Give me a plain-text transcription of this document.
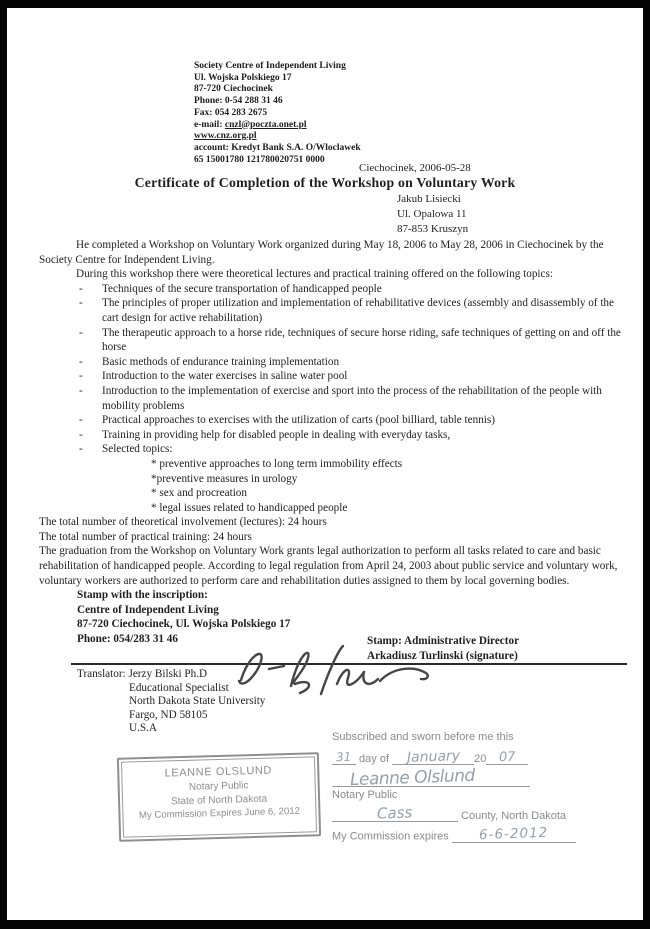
Society Centre of Independent Living
Ul. Wojska Polskiego 17
87-720 Ciechocinek
Phone: 0-54 288 31 46
Fax: 054 283 2675
e-mail: cnzl@poczta.onet.pl
www.cnz.org.pl
account: Kredyt Bank S.A. O/Wloclawek
65 15001780 121780020751 0000
Ciechocinek, 2006-05-28
Certificate of Completion of the Workshop on Voluntary Work
Jakub Lisiecki
Ul. Opalowa 11
87-853 Kruszyn
He completed a Workshop on Voluntary Work organized during May 18, 2006 to May 28, 2006 in Ciechocinek by the Society Centre for Independent Living.
During this workshop there were theoretical lectures and practical training offered on the following topics:
- Techniques of the secure transportation of handicapped people
- The principles of proper utilization and implementation of rehabilitative devices (assembly and disassembly of the cart design for active rehabilitation)
- The therapeutic approach to a horse ride, techniques of secure horse riding, safe techniques of getting on and off the horse
- Basic methods of endurance training implementation
- Introduction to the water exercises in saline water pool
- Introduction to the implementation of exercise and sport into the process of the rehabilitation of the people with mobility problems
- Practical approaches to exercises with the utilization of carts (pool billiard, table tennis)
- Training in providing help for disabled people in dealing with everyday tasks,
- Selected topics:
* preventive approaches to long term immobility effects
*preventive measures in urology
* sex and procreation
* legal issues related to handicapped people
The total number of theoretical involvement (lectures): 24 hours
The total number of practical training: 24 hours
The graduation from the Workshop on Voluntary Work grants legal authorization to perform all tasks related to care and basic rehabilitation of handicapped people. According to legal regulation from April 24, 2003 about public service and voluntary work, voluntary workers are authorized to perform care and rehabilitation duties assigned to them by local governing bodies.
Stamp with the inscription:
Centre of Independent Living
87-720 Ciechocinek, Ul. Wojska Polskiego 17
Phone: 054/283 31 46	Stamp: Administrative Director
Arkadiusz Turlinski (signature)
Translator: Jerzy Bilski Ph.D
Educational Specialist
North Dakota State University
Fargo, ND 58105
U.S.A
LEANNE OLSLUND
Notary Public
State of North Dakota
My Commission Expires June 6, 2012
Subscribed and sworn before me this
31 day of January 20 07
Leanne Olslund
Notary Public
Cass	County, North Dakota
My Commission expires 6-6-2012
